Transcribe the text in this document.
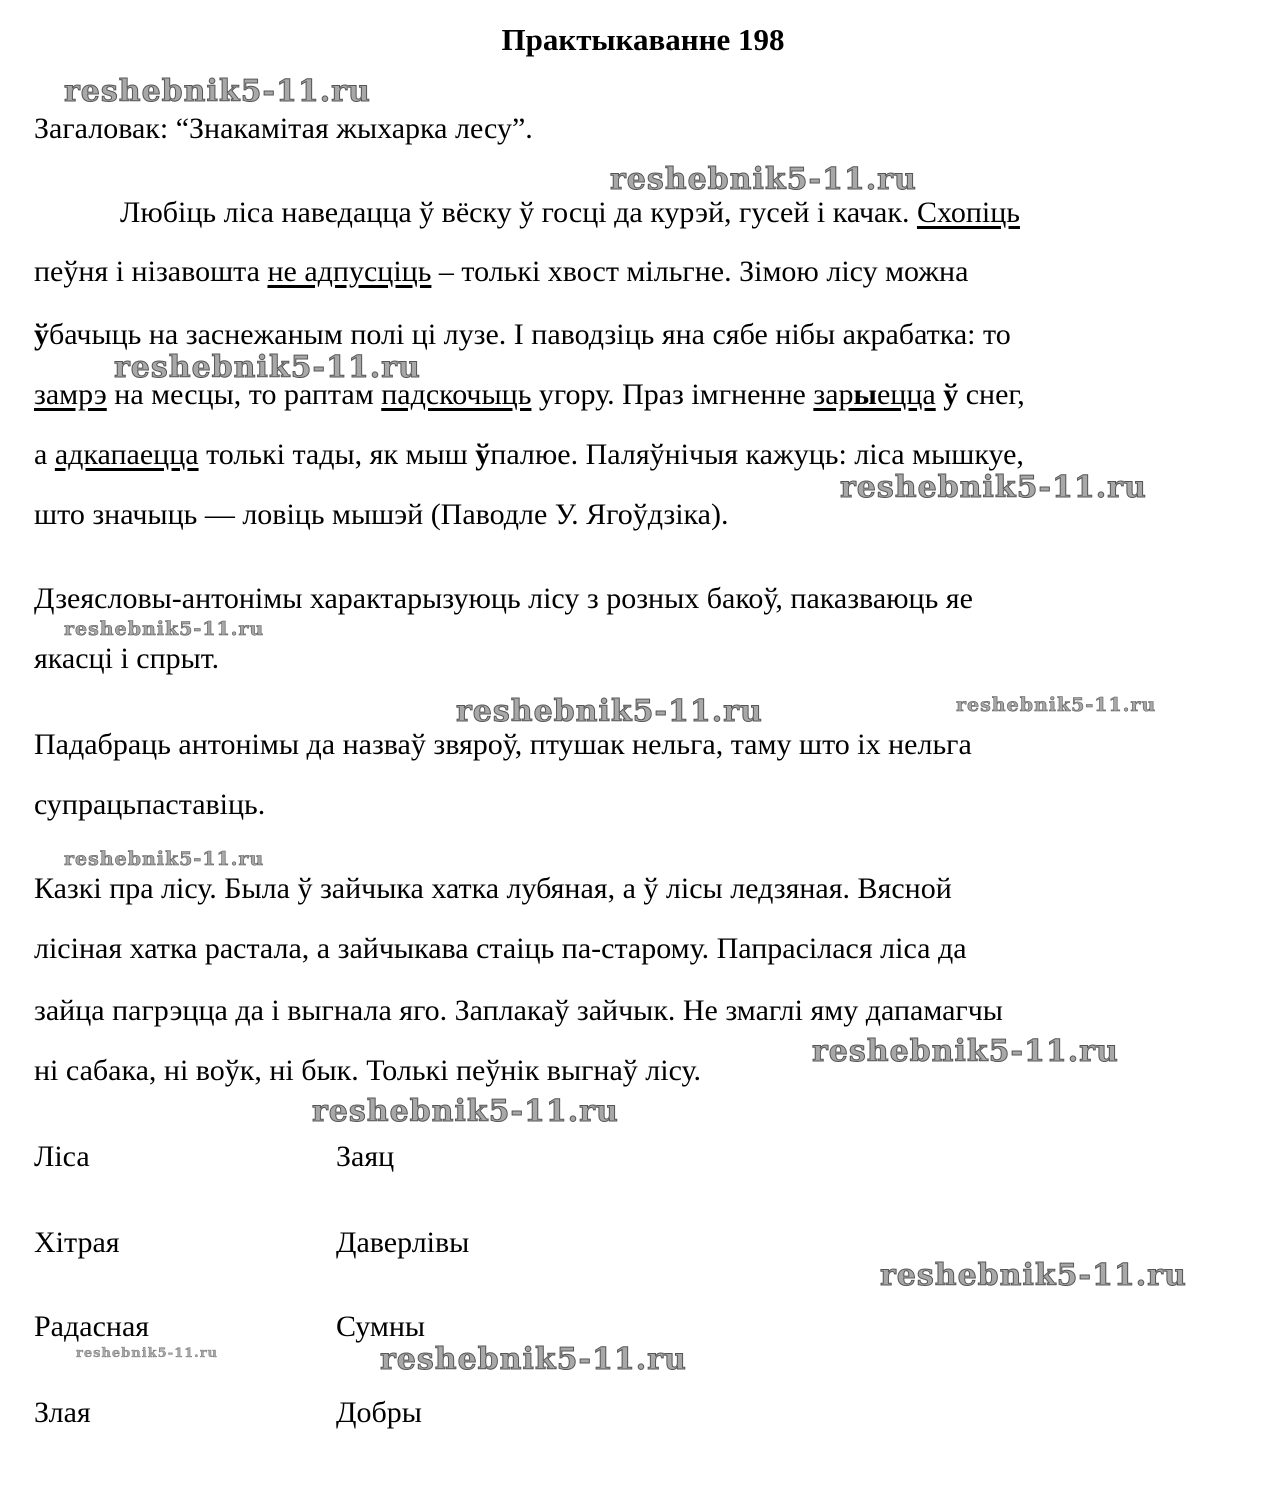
Практыкаванне 198
reshebnik5-11.ru
reshebnik5-11.ru
reshebnik5-11.ru
reshebnik5-11.ru
reshebnik5-11.ru
reshebnik5-11.ru	reshebnik5-11.ru
reshebnik5-11.ru
reshebnik5-11.ru
reshebnik5-11.ru
reshebnik5-11.ru
reshebnik5-11.ru
reshebnik5-11.ru
Загаловак: “Знакамітая жыхарка лесу”.
Любіць ліса наведацца ў вёску ў госці да курэй, гусей і качак. Схопіць
пеўня і нізавошта не адпусціць – толькі хвост мільгне. Зімою лісу можна
ўбачыць на заснежаным полі ці лузе. І паводзіць яна сябе нібы акрабатка: то
замрэ на месцы, то раптам падскочыць угору. Праз імгненне зарыецца ў снег,
а адкапаецца толькі тады, як мыш ўпалюе. Паляўнічыя кажуць: ліса мышкуе,
што значыць — ловіць мышэй (Паводле У. Ягоўдзіка).
Дзеясловы-антонімы характарызуюць лісу з розных бакоў, паказваюць яе
якасці і спрыт.
Падабраць антонімы да назваў звяроў, птушак нельга, таму што іх нельга
супрацьпаставіць.
Казкі пра лісу. Была ў зайчыка хатка лубяная, а ў лісы ледзяная. Вясной
лісіная хатка растала, а зайчыкава стаіць па-старому. Папрасілася ліса да
зайца пагрэцца да і выгнала яго. Заплакаў зайчык. Не змаглі яму дапамагчы
ні сабака, ні воўк, ні бык. Толькі пеўнік выгнаў лісу.
Ліса	Заяц
Хітрая	Даверлівы
Радасная	Сумны
Злая	Добры
